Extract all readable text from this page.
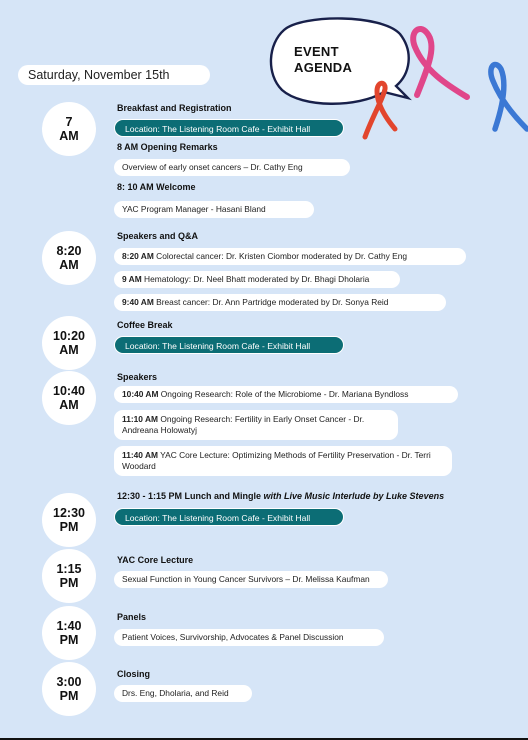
Saturday, November 15th
EVENT
AGENDA
7
AM
8:20
AM
10:20
AM
10:40
AM
12:30
PM
1:15
PM
1:40
PM
3:00
PM
Breakfast and Registration
Location: The Listening Room Cafe - Exhibit Hall
8 AM Opening Remarks
Overview of early onset cancers – Dr. Cathy Eng
8: 10 AM Welcome
YAC Program Manager - Hasani Bland
Speakers and Q&A
8:20 AM Colorectal cancer: Dr. Kristen Ciombor moderated by Dr. Cathy Eng
9 AM Hematology: Dr. Neel Bhatt moderated by Dr. Bhagi Dholaria
9:40 AM Breast cancer: Dr. Ann Partridge moderated by Dr. Sonya Reid
Coffee Break
Location: The Listening Room Cafe - Exhibit Hall
Speakers
10:40 AM Ongoing Research: Role of the Microbiome - Dr. Mariana Byndloss
11:10 AM Ongoing Research: Fertility in Early Onset Cancer - Dr. Andreana Holowatyj
11:40 AM YAC Core Lecture: Optimizing Methods of Fertility Preservation - Dr. Terri Woodard
12:30 - 1:15 PM Lunch and Mingle with Live Music Interlude by Luke Stevens
Location: The Listening Room Cafe - Exhibit Hall
YAC Core Lecture
Sexual Function in Young Cancer Survivors – Dr. Melissa Kaufman
Panels
Patient Voices, Survivorship, Advocates & Panel Discussion
Closing
Drs. Eng, Dholaria, and Reid
